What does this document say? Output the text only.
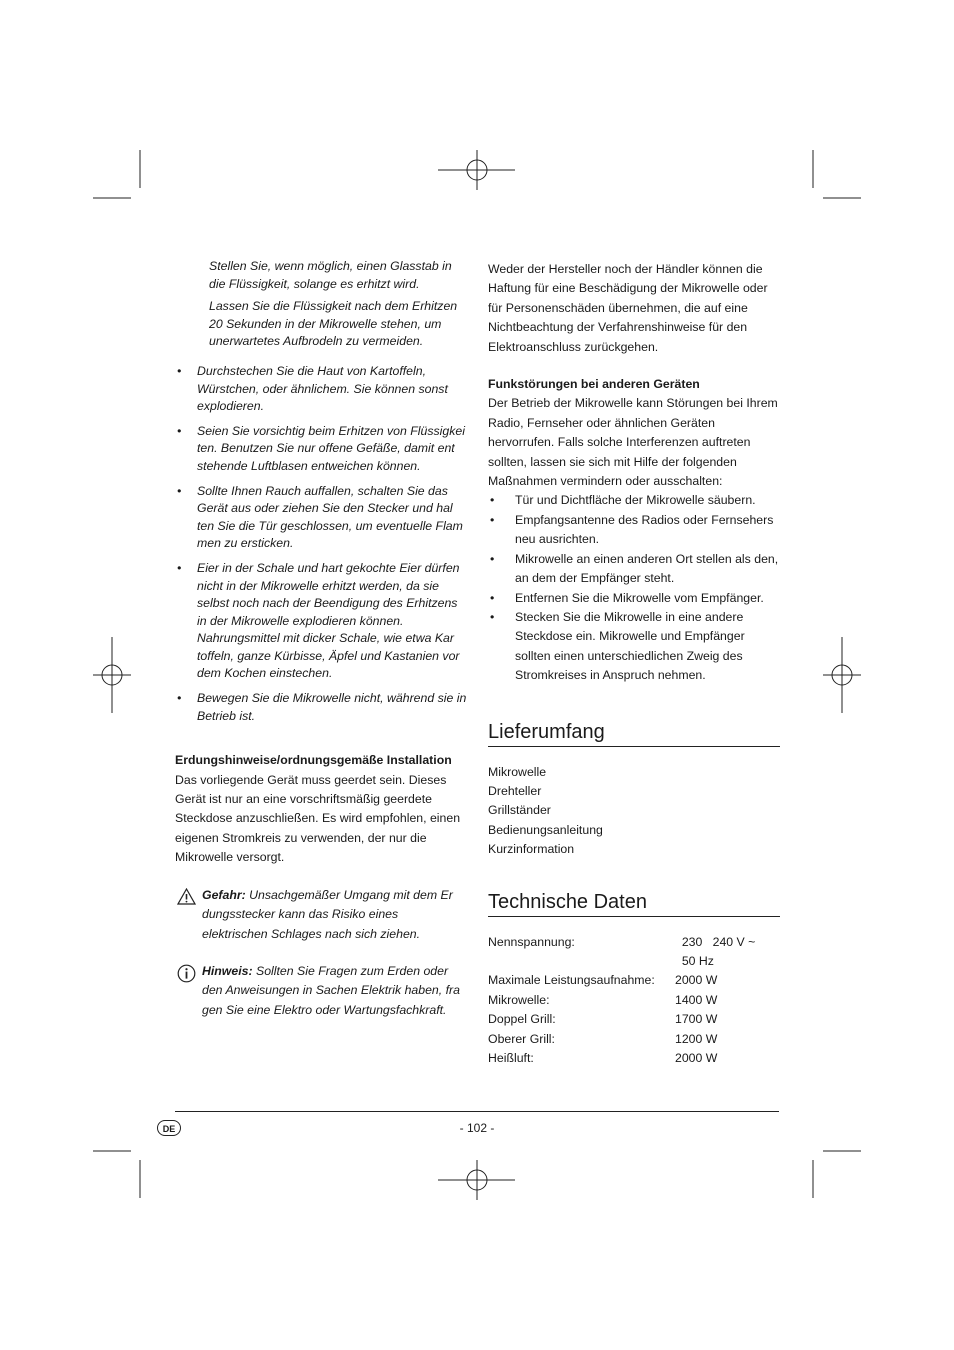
Stellen Sie, wenn möglich, einen Glasstab in die Flüssigkeit, solange es erhitzt wird.

Lassen Sie die Flüssigkeit nach dem Erhitzen 20 Sekunden in der Mikrowelle stehen, um unerwartetes Aufbrodeln zu vermeiden.

• Durchstechen Sie die Haut von Kartoffeln, Würstchen, oder ähnlichem. Sie können sonst explodieren.
• Seien Sie vorsichtig beim Erhitzen von Flüssigkei ten. Benutzen Sie nur offene Gefäße, damit ent stehende Luftblasen entweichen können.
• Sollte Ihnen Rauch auffallen, schalten Sie das Gerät aus oder ziehen Sie den Stecker und hal ten Sie die Tür geschlossen, um eventuelle Flam men zu ersticken.
• Eier in der Schale und hart gekochte Eier dürfen nicht in der Mikrowelle erhitzt werden, da sie selbst noch nach der Beendigung des Erhitzens in der Mikrowelle explodieren können. Nahrungsmittel mit dicker Schale, wie etwa Kar toffeln, ganze Kürbisse, Äpfel und Kastanien vor dem Kochen einstechen.
• Bewegen Sie die Mikrowelle nicht, während sie in Betrieb ist.

Erdungshinweise/ordnungsgemäße Installation

Das vorliegende Gerät muss geerdet sein. Dieses Gerät ist nur an eine vorschriftsmäßig geerdete Steckdose anzuschließen. Es wird empfohlen, einen eigenen Stromkreis zu verwenden, der nur die Mikrowelle versorgt.

Gefahr: Unsachgemäßer Umgang mit dem Er dungsstecker kann das Risiko eines elektrischen Schlages nach sich ziehen.
Hinweis: Sollten Sie Fragen zum Erden oder den Anweisungen in Sachen Elektrik haben, fra gen Sie eine Elektro oder Wartungsfachkraft.

Weder der Hersteller noch der Händler können die Haftung für eine Beschädigung der Mikrowelle oder für Personenschäden übernehmen, die auf eine Nichtbeachtung der Verfahrenshinweise für den Elektroanschluss zurückgehen.

Funkstörungen bei anderen Geräten

Der Betrieb der Mikrowelle kann Störungen bei Ihrem Radio, Fernseher oder ähnlichen Geräten hervorrufen. Falls solche Interferenzen auftreten sollten, lassen sie sich mit Hilfe der folgenden Maßnahmen vermindern oder ausschalten:

• Tür und Dichtfläche der Mikrowelle säubern.
• Empfangsantenne des Radios oder Fernsehers neu ausrichten.
• Mikrowelle an einen anderen Ort stellen als den, an dem der Empfänger steht.
• Entfernen Sie die Mikrowelle vom Empfänger.
• Stecken Sie die Mikrowelle in eine andere Steckdose ein. Mikrowelle und Empfänger sollten einen unterschiedlichen Zweig des Stromkreises in Anspruch nehmen.
Lieferumfang
Mikrowelle
Drehteller
Grillständer
Bedienungsanleitung
Kurzinformation
Technische Daten
Nennspannung:	230   240 V ~
50 Hz
Maximale Leistungsaufnahme:	2000 W
Mikrowelle:	1400 W
Doppel Grill:	1700 W
Oberer Grill:	1200 W
Heißluft:	2000 W
DE	- 102 -
